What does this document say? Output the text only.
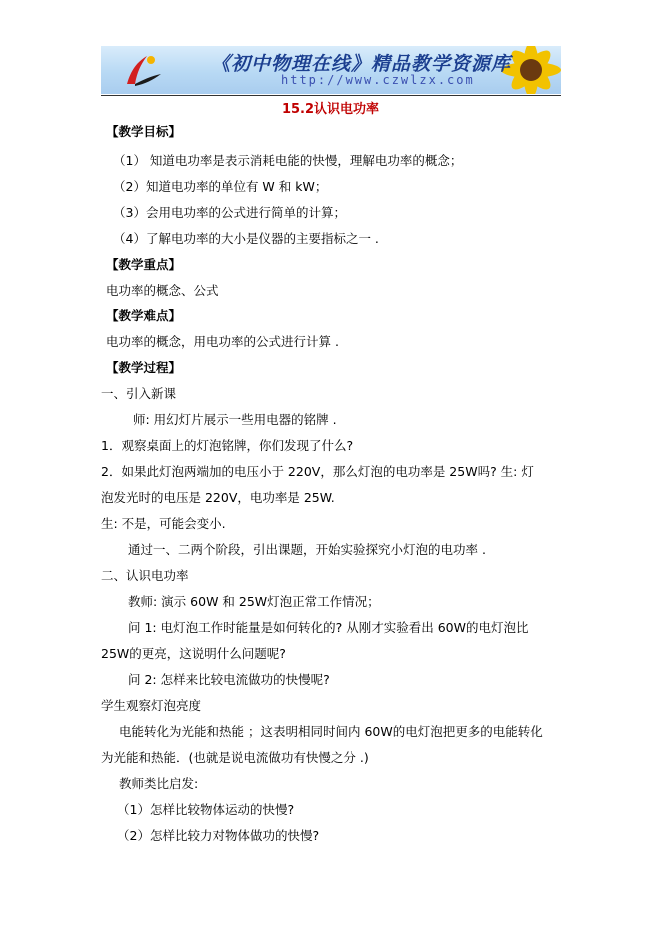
《初中物理在线》精品教学资源库
http://www.czwlzx.com
15.2认识电功率
【教学目标】
（1） 知道电功率是表示消耗电能的快慢，理解电功率的概念；
（2）知道电功率的单位有 W 和 kW；
（3）会用电功率的公式进行简单的计算；
（4）了解电功率的大小是仪器的主要指标之一 .
【教学重点】
电功率的概念、公式
【教学难点】
电功率的概念，用电功率的公式进行计算 .
【教学过程】
一、引入新课
师: 用幻灯片展示一些用电器的铭牌 .
1．观察桌面上的灯泡铭牌，你们发现了什么?
2．如果此灯泡两端加的电压小于 220V，那么灯泡的电功率是 25W吗? 生: 灯
泡发光时的电压是 220V，电功率是 25W.
生: 不是，可能会变小.
通过一、二两个阶段，引出课题，开始实验探究小灯泡的电功率 .
二、认识电功率
教师: 演示 60W 和 25W灯泡正常工作情况；
问 1: 电灯泡工作时能量是如何转化的? 从刚才实验看出 60W的电灯泡比
25W的更亮，这说明什么问题呢?
问 2: 怎样来比较电流做功的快慢呢?
学生观察灯泡亮度
电能转化为光能和热能 ；这表明相同时间内 60W的电灯泡把更多的电能转化
为光能和热能．(也就是说电流做功有快慢之分 .)
教师类比启发:
（1）怎样比较物体运动的快慢?
（2）怎样比较力对物体做功的快慢?
